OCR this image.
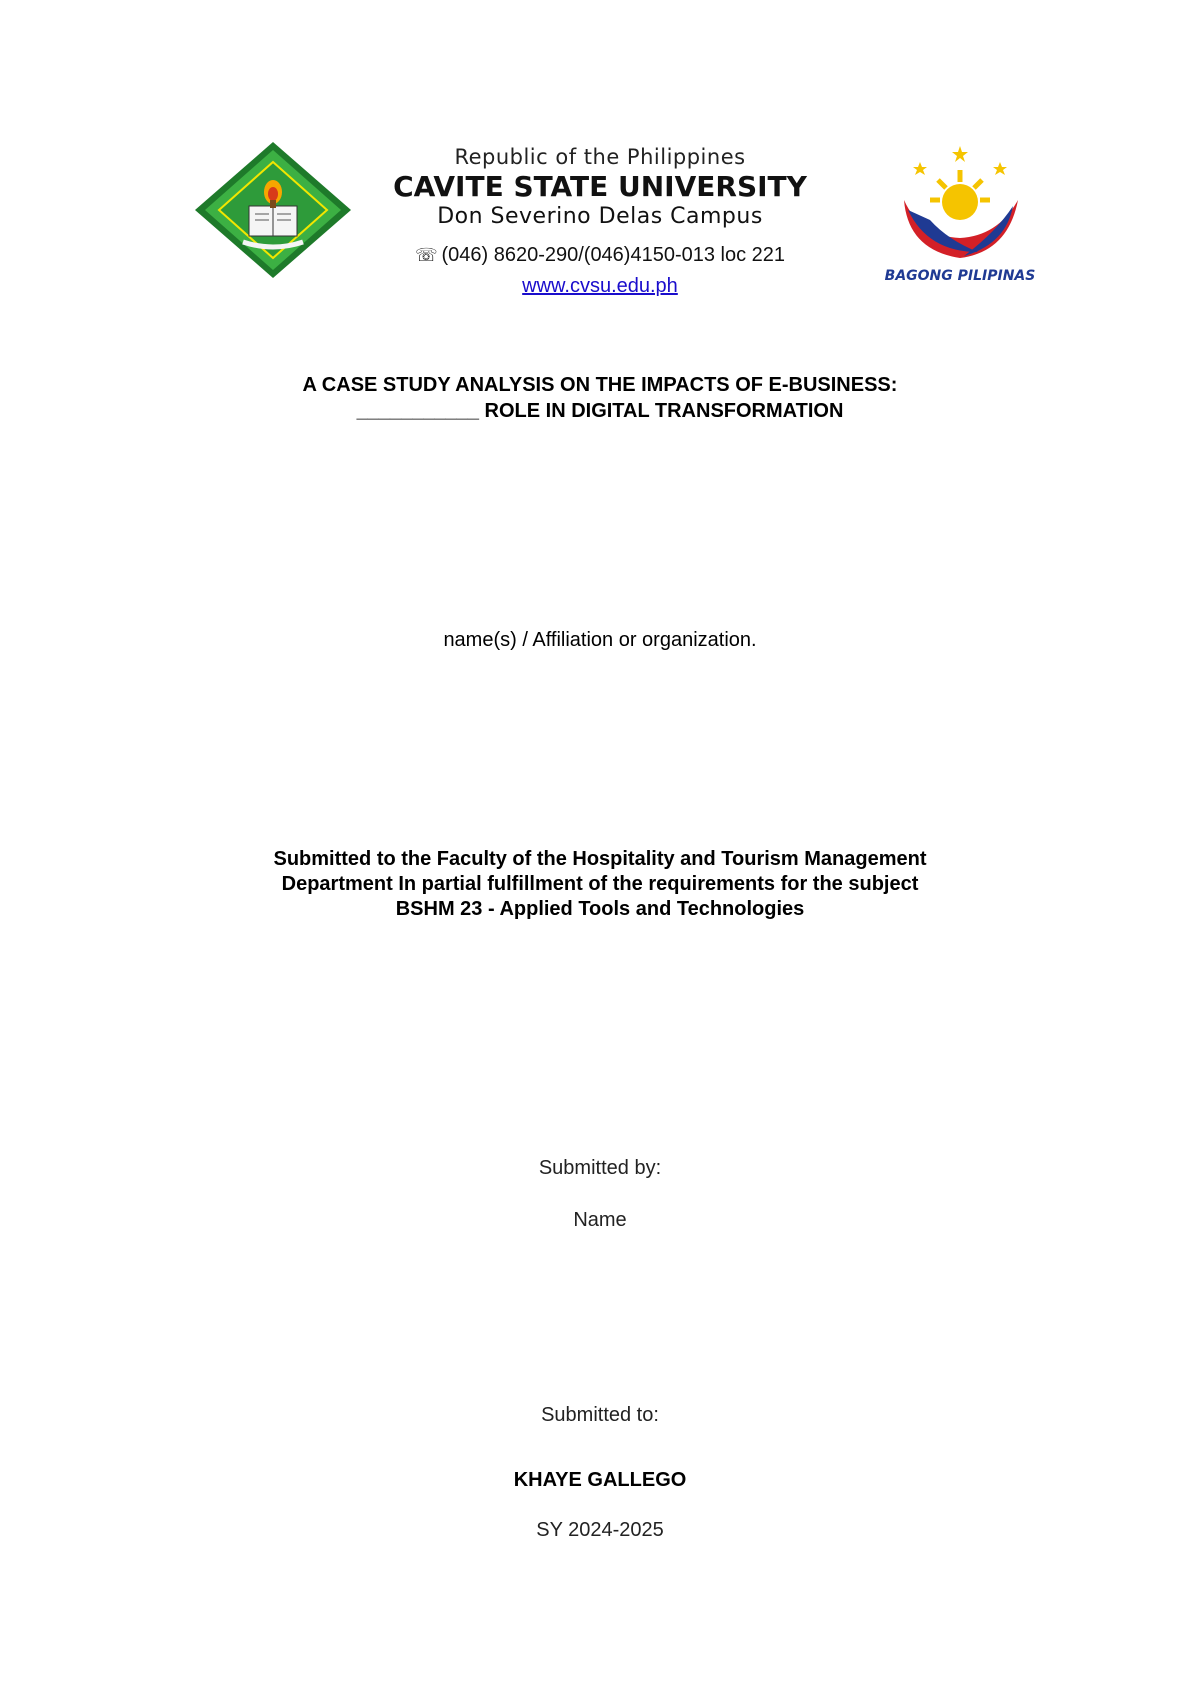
Republic of the Philippines
CAVITE STATE UNIVERSITY
Don Severino Delas Campus
☏ (046) 8620-290/(046)4150-013 loc 221
www.cvsu.edu.ph	BAGONG PILIPINAS
A CASE STUDY ANALYSIS ON THE IMPACTS OF E-BUSINESS:
___________ ROLE IN DIGITAL TRANSFORMATION
name(s) / Affiliation or organization.
Submitted to the Faculty of the Hospitality and Tourism Management
Department In partial fulfillment of the requirements for the subject
BSHM 23 - Applied Tools and Technologies
Submitted by:
Name
Submitted to:
KHAYE GALLEGO
SY 2024-2025
